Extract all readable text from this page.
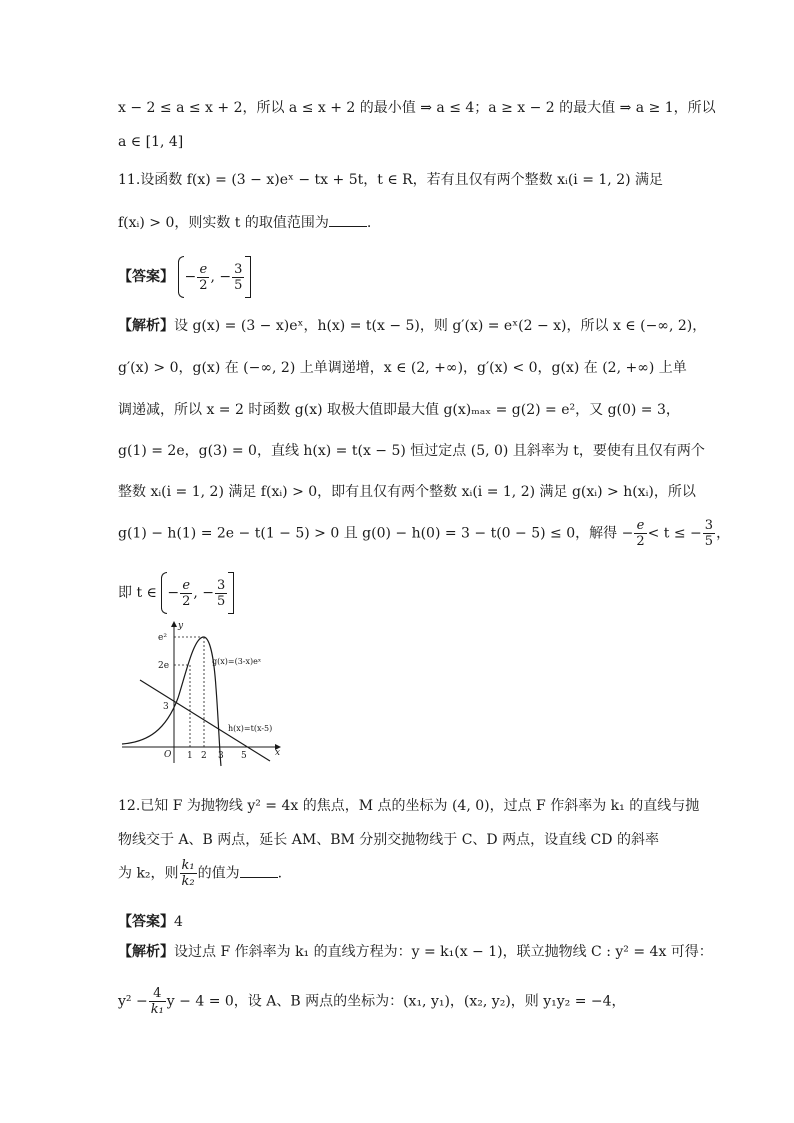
x − 2 ≤ a ≤ x + 2，所以 a ≤ x + 2 的最小值 ⇒ a ≤ 4；a ≥ x − 2 的最大值 ⇒ a ≥ 1，所以
a ∈ [1, 4]
11.设函数 f(x) = (3 − x)eˣ − tx + 5t，t ∈ R，若有且仅有两个整数 xᵢ(i = 1, 2) 满足
f(xᵢ) > 0，则实数 t 的取值范围为	.
【答案】 − $\frac{e}{2}$ , − $\frac{3}{5}$
【解析】设 g(x) = (3 − x)eˣ，h(x) = t(x − 5)，则 g′(x) = eˣ(2 − x)，所以 x ∈ (−∞, 2)，
g′(x) > 0，g(x) 在 (−∞, 2) 上单调递增，x ∈ (2, +∞)，g′(x) < 0，g(x) 在 (2, +∞) 上单
调递减，所以 x = 2 时函数 g(x) 取极大值即最大值 g(x)ₘₐₓ = g(2) = e²，又 g(0) = 3，
g(1) = 2e，g(3) = 0，直线 h(x) = t(x − 5) 恒过定点 (5, 0) 且斜率为 t，要使有且仅有两个
整数 xᵢ(i = 1, 2) 满足 f(xᵢ) > 0，即有且仅有两个整数 xᵢ(i = 1, 2) 满足 g(xᵢ) > h(xᵢ)，所以
g(1) − h(1) = 2e − t(1 − 5) > 0 且 g(0) − h(0) = 3 − t(0 − 5) ≤ 0，解得 − $\frac{e}{2} < t$ ≤ − $\frac{3}{5}$ ，
即 t ∈ − $\frac{e}{2}$ , − $\frac{3}{5}$
y
x
O
e²
2e
3
1 2 3 5
g(x)=(3-x)eˣ
h(x)=t(x-5)
12.已知 F 为抛物线 y² = 4x 的焦点，M 点的坐标为 (4, 0)，过点 F 作斜率为 k₁ 的直线与抛
物线交于 A、B 两点，延长 AM、BM 分别交抛物线于 C、D 两点，设直线 CD 的斜率
为 k₂，则 $\frac{\text{k₁}}{\text{k₂}}$ 的值为	.
【答案】4
【解析】设过点 F 作斜率为 k₁ 的直线方程为：y = k₁(x − 1)，联立抛物线 C : y² = 4x 可得：
$y^2 - \frac{4}{\text{k₁}}$ y − 4 = 0，设 A、B 两点的坐标为：(x₁, y₁)，(x₂, y₂)，则 y₁y₂ = −4，
